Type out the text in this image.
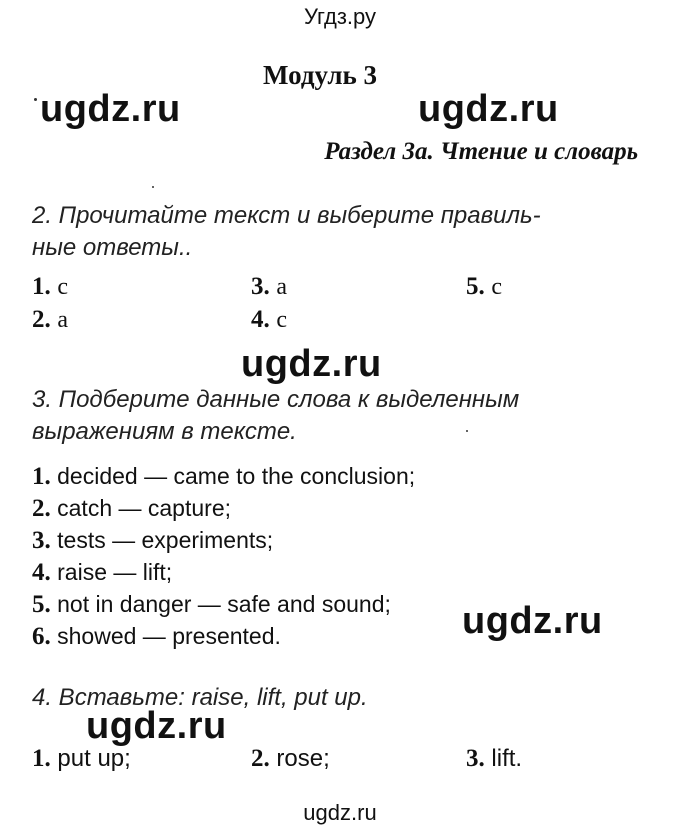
Угдз.ру
Модуль 3
ugdz.ru	ugdz.ru
Раздел 3а. Чтение и словарь
2. Прочитайте текст и выберите правиль-
ные ответы..
1. с	3. а	5. с
2. а	4. с
ugdz.ru
3. Подберите данные слова к выделенным
выражениям в тексте.
1. decided — came to the conclusion;
2. catch — capture;
3. tests — experiments;
4. raise — lift;
5. not in danger — safe and sound;
6. showed — presented.	ugdz.ru
4. Вставьте: raise, lift, put up.
ugdz.ru
1. put up;	2. rose;	3. lift.
ugdz.ru
